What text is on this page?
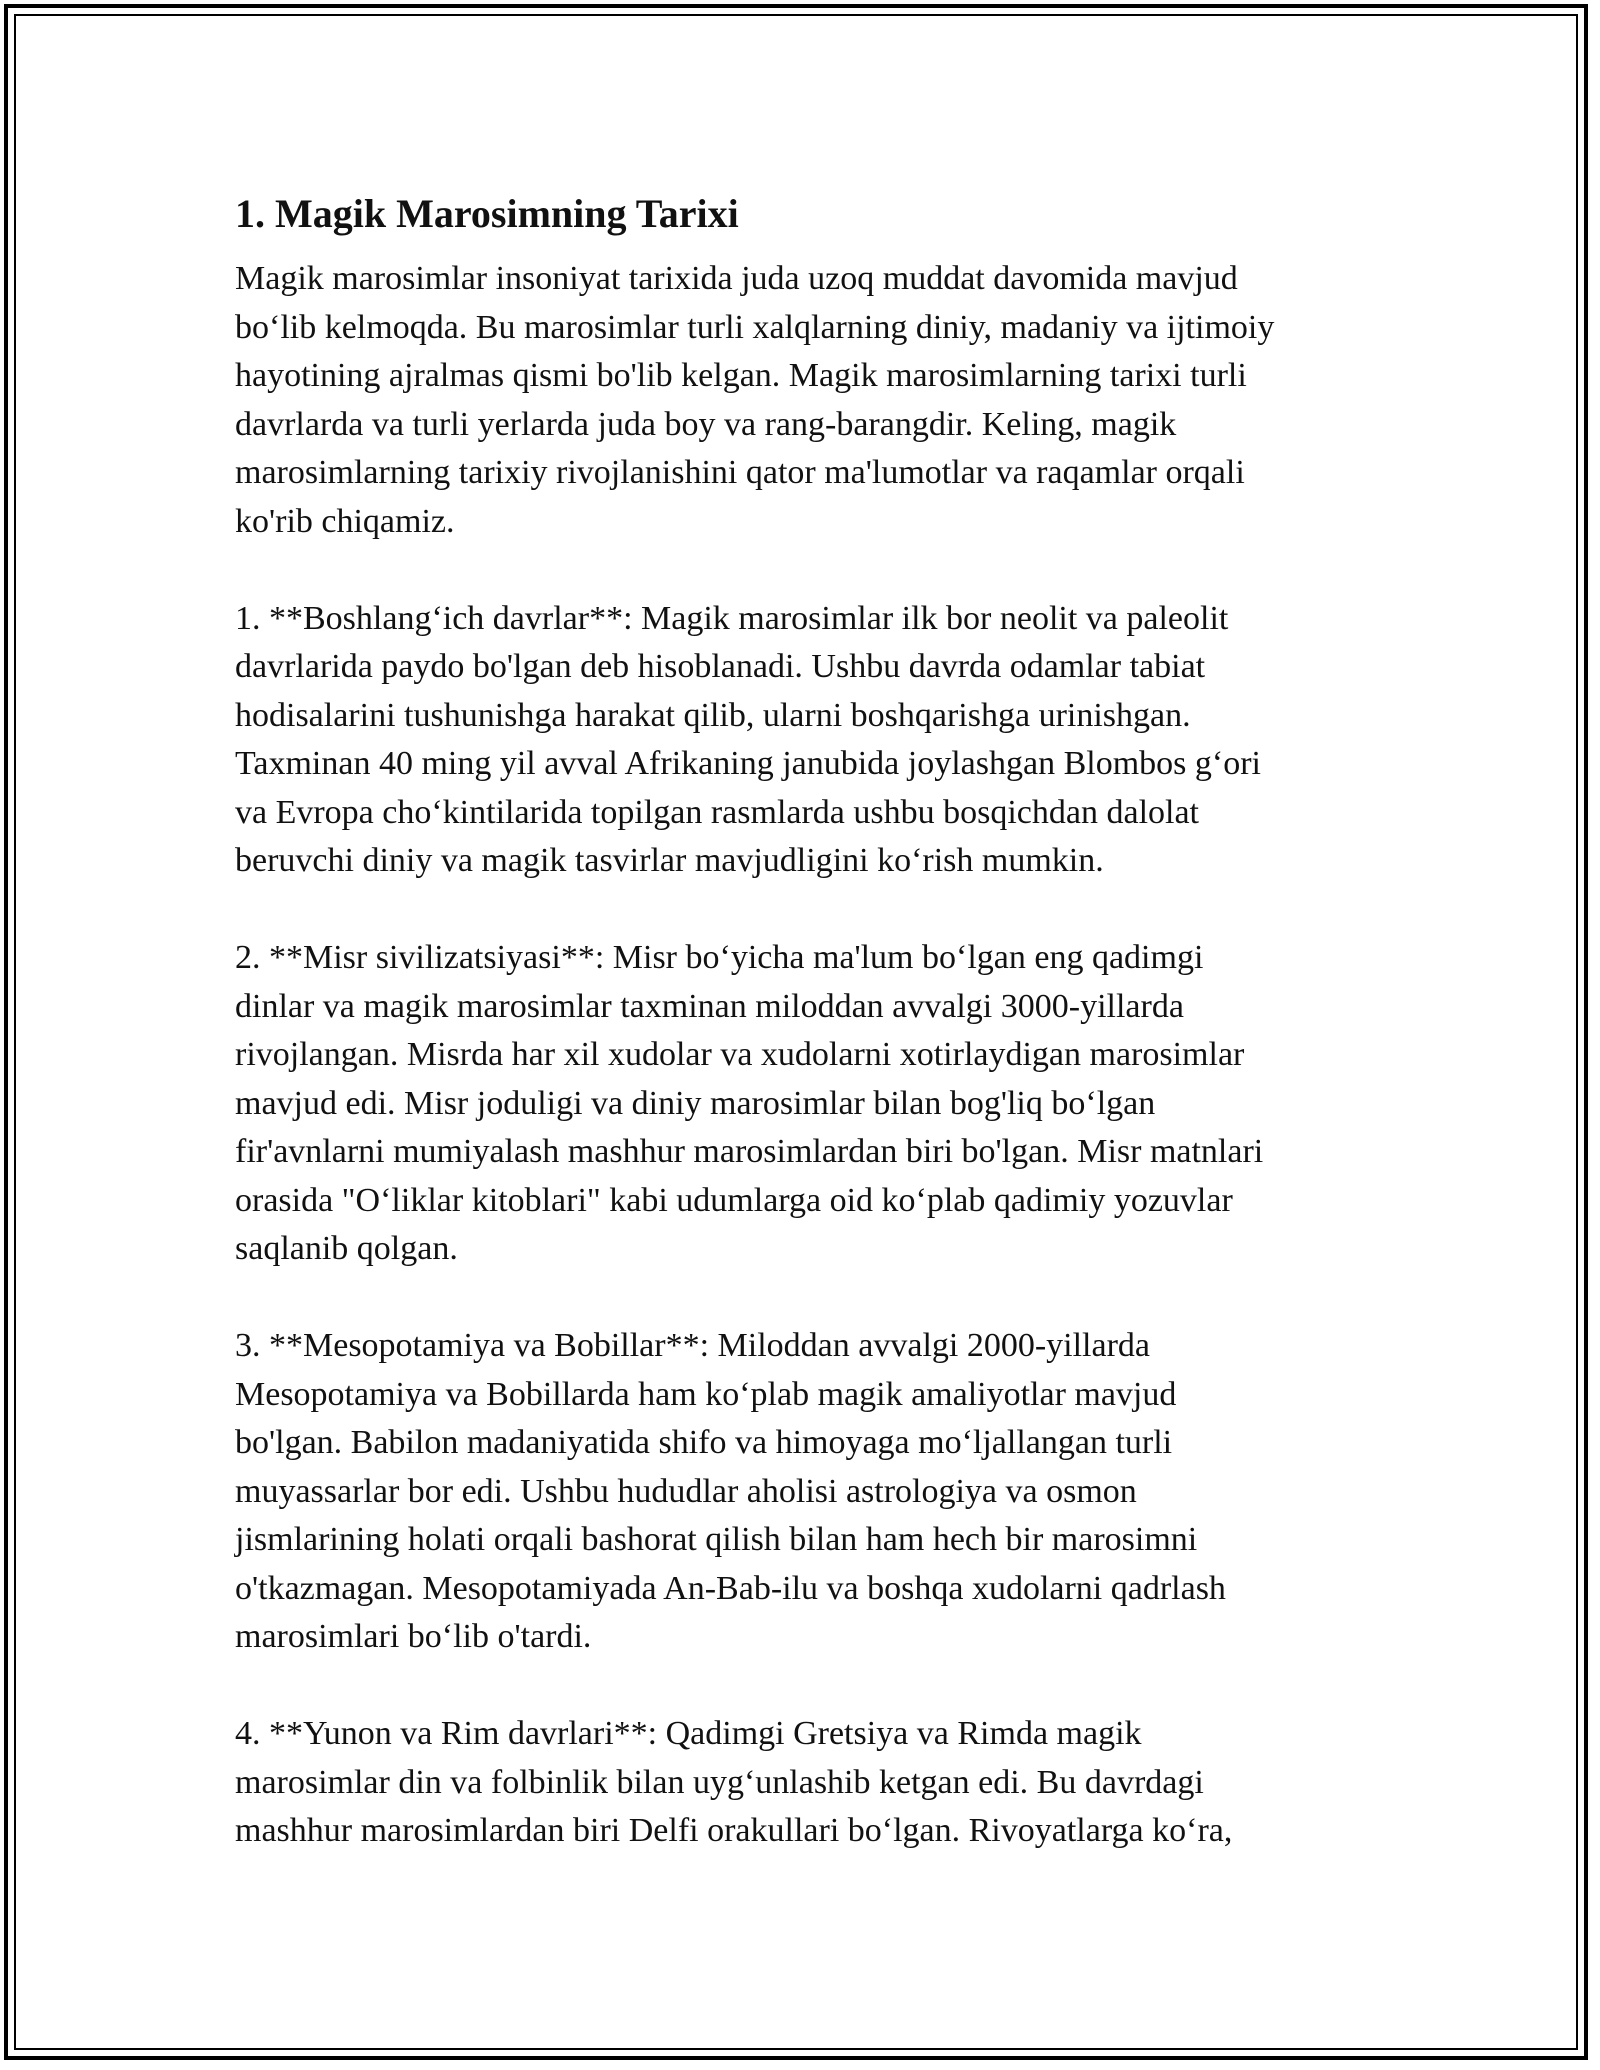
1. Magik Marosimning Tarixi

Magik marosimlar insoniyat tarixida juda uzoq muddat davomida mavjud
bo‘lib kelmoqda. Bu marosimlar turli xalqlarning diniy, madaniy va ijtimoiy
hayotining ajralmas qismi bo'lib kelgan. Magik marosimlarning tarixi turli
davrlarda va turli yerlarda juda boy va rang-barangdir. Keling, magik
marosimlarning tarixiy rivojlanishini qator ma'lumotlar va raqamlar orqali
ko'rib chiqamiz.

1. **Boshlang‘ich davrlar**: Magik marosimlar ilk bor neolit va paleolit
davrlarida paydo bo'lgan deb hisoblanadi. Ushbu davrda odamlar tabiat
hodisalarini tushunishga harakat qilib, ularni boshqarishga urinishgan.
Taxminan 40 ming yil avval Afrikaning janubida joylashgan Blombos g‘ori
va Evropa cho‘kintilarida topilgan rasmlarda ushbu bosqichdan dalolat
beruvchi diniy va magik tasvirlar mavjudligini ko‘rish mumkin.

2. **Misr sivilizatsiyasi**: Misr bo‘yicha ma'lum bo‘lgan eng qadimgi
dinlar va magik marosimlar taxminan miloddan avvalgi 3000-yillarda
rivojlangan. Misrda har xil xudolar va xudolarni xotirlaydigan marosimlar
mavjud edi. Misr joduligi va diniy marosimlar bilan bog'liq bo‘lgan
fir'avnlarni mumiyalash mashhur marosimlardan biri bo'lgan. Misr matnlari
orasida "O‘liklar kitoblari" kabi udumlarga oid ko‘plab qadimiy yozuvlar
saqlanib qolgan.

3. **Mesopotamiya va Bobillar**: Miloddan avvalgi 2000-yillarda
Mesopotamiya va Bobillarda ham ko‘plab magik amaliyotlar mavjud
bo'lgan. Babilon madaniyatida shifo va himoyaga mo‘ljallangan turli
muyassarlar bor edi. Ushbu hududlar aholisi astrologiya va osmon
jismlarining holati orqali bashorat qilish bilan ham hech bir marosimni
o'tkazmagan. Mesopotamiyada An-Bab-ilu va boshqa xudolarni qadrlash
marosimlari bo‘lib o'tardi.

4. **Yunon va Rim davrlari**: Qadimgi Gretsiya va Rimda magik
marosimlar din va folbinlik bilan uyg‘unlashib ketgan edi. Bu davrdagi
mashhur marosimlardan biri Delfi orakullari bo‘lgan. Rivoyatlarga ko‘ra,
